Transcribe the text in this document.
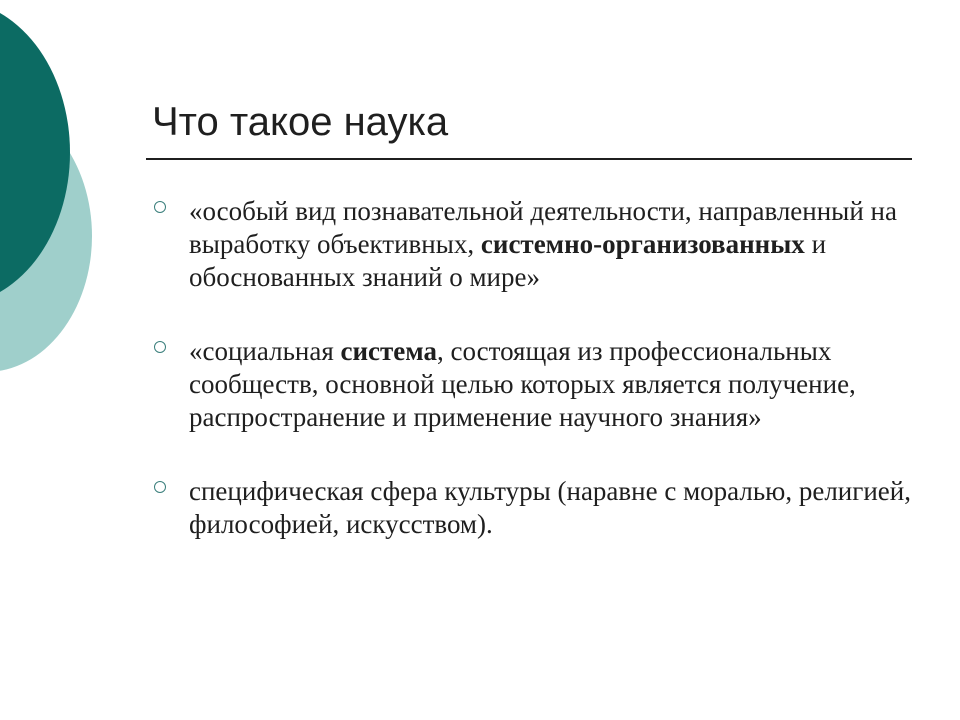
Что такое наука
«особый вид познавательной деятельности, направленный на выработку объективных, системно-организованных и обоснованных знаний о мире»
«социальная система, состоящая из профессиональных сообществ, основной целью которых является получение, распространение и применение научного знания»
специфическая сфера культуры (наравне с моралью, религией, философией, искусством).
